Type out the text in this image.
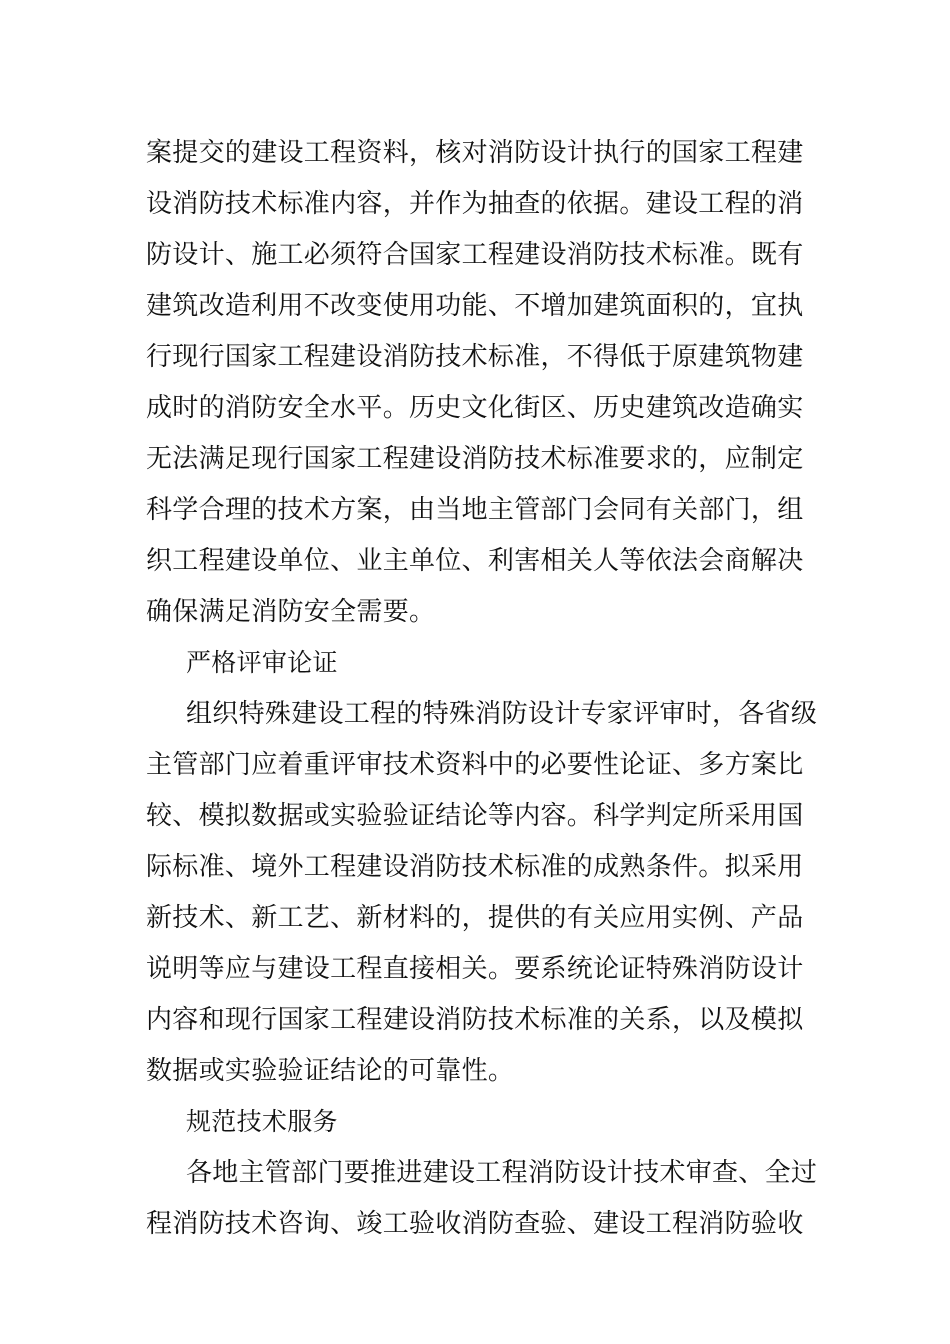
案提交的建设工程资料，核对消防设计执行的国家工程建
设消防技术标准内容，并作为抽查的依据。建设工程的消
防设计、施工必须符合国家工程建设消防技术标准。既有
建筑改造利用不改变使用功能、不增加建筑面积的，宜执
行现行国家工程建设消防技术标准，不得低于原建筑物建
成时的消防安全水平。历史文化街区、历史建筑改造确实
无法满足现行国家工程建设消防技术标准要求的，应制定
科学合理的技术方案，由当地主管部门会同有关部门，组
织工程建设单位、业主单位、利害相关人等依法会商解决
确保满足消防安全需要。
严格评审论证
组织特殊建设工程的特殊消防设计专家评审时，各省级
主管部门应着重评审技术资料中的必要性论证、多方案比
较、模拟数据或实验验证结论等内容。科学判定所采用国
际标准、境外工程建设消防技术标准的成熟条件。拟采用
新技术、新工艺、新材料的，提供的有关应用实例、产品
说明等应与建设工程直接相关。要系统论证特殊消防设计
内容和现行国家工程建设消防技术标准的关系，以及模拟
数据或实验验证结论的可靠性。
规范技术服务
各地主管部门要推进建设工程消防设计技术审查、全过
程消防技术咨询、竣工验收消防查验、建设工程消防验收
